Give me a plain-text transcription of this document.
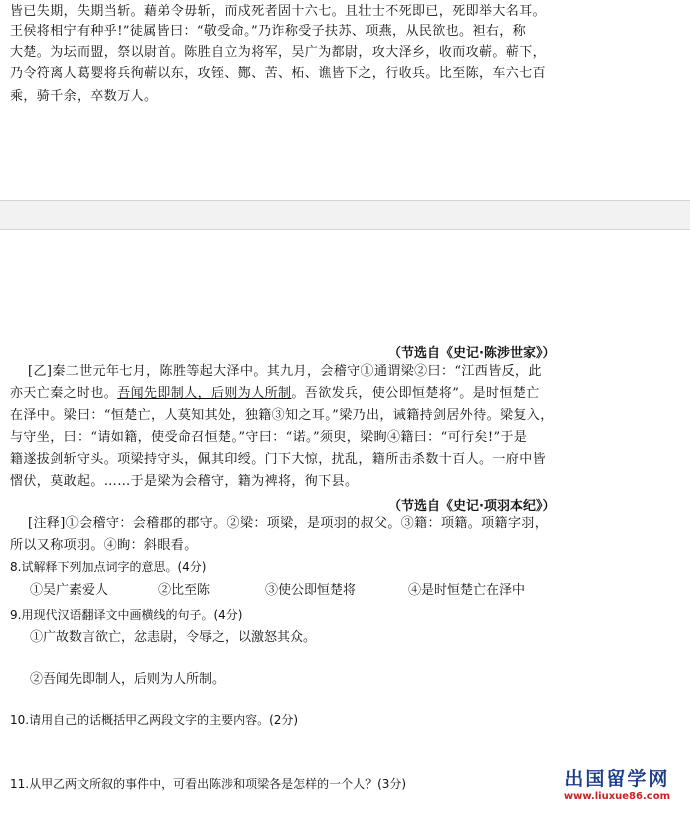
皆已失期，失期当斩。藉弟令毋斩，而戍死者固十六七。且壮士不死即已，死即举大名耳。
王侯将相宁有种乎!”徒属皆曰：“敬受命。”乃诈称受子扶苏、项燕，从民欲也。袒右，称
大楚。为坛而盟，祭以尉首。陈胜自立为将军，吴广为都尉，攻大泽乡，收而攻蕲。蕲下，
乃令符离人葛婴将兵徇蕲以东，攻铚、酂、苦、柘、谯皆下之，行收兵。比至陈，车六七百
乘，骑千余，卒数万人。
（节选自《史记·陈涉世家》）
[乙]秦二世元年七月，陈胜等起大泽中。其九月，会稽守①通谓梁②曰：“江西皆反，此
亦天亡秦之时也。吾闻先即制人，后则为人所制。吾欲发兵，使公即恒楚将”。是时恒楚亡
在泽中。梁曰：“恒楚亡，人莫知其处，独籍③知之耳。”梁乃出，诫籍持剑居外待。梁复入，
与守坐，曰：“请如籍，使受命召恒楚。”守曰：“诺。”须臾，梁眴④籍曰：“可行矣!”于是
籍遂拔剑斩守头。项梁持守头，佩其印绶。门下大惊，扰乱，籍所击杀数十百人。一府中皆
慴伏，莫敢起。……于是梁为会稽守，籍为裨将，徇下县。
（节选自《史记·项羽本纪》）
[注释]①会稽守：会稽郡的郡守。②梁：项梁，是项羽的叔父。③籍：项籍。项籍字羽，
所以又称项羽。④眴：斜眼看。
8.试解释下列加点词字的意思。(4分)
①吴广素爱人	②比至陈	③使公即恒楚将	④是时恒楚亡在泽中
9.用现代汉语翻译文中画横线的句子。(4分)
①广故数言欲亡，忿恚尉，令辱之，以激怒其众。
②吾闻先即制人，后则为人所制。
10.请用自己的话概括甲乙两段文字的主要内容。(2分)
11.从甲乙两文所叙的事件中，可看出陈涉和项梁各是怎样的一个人？(3分)	出国留学网
www.liuxue86.com
